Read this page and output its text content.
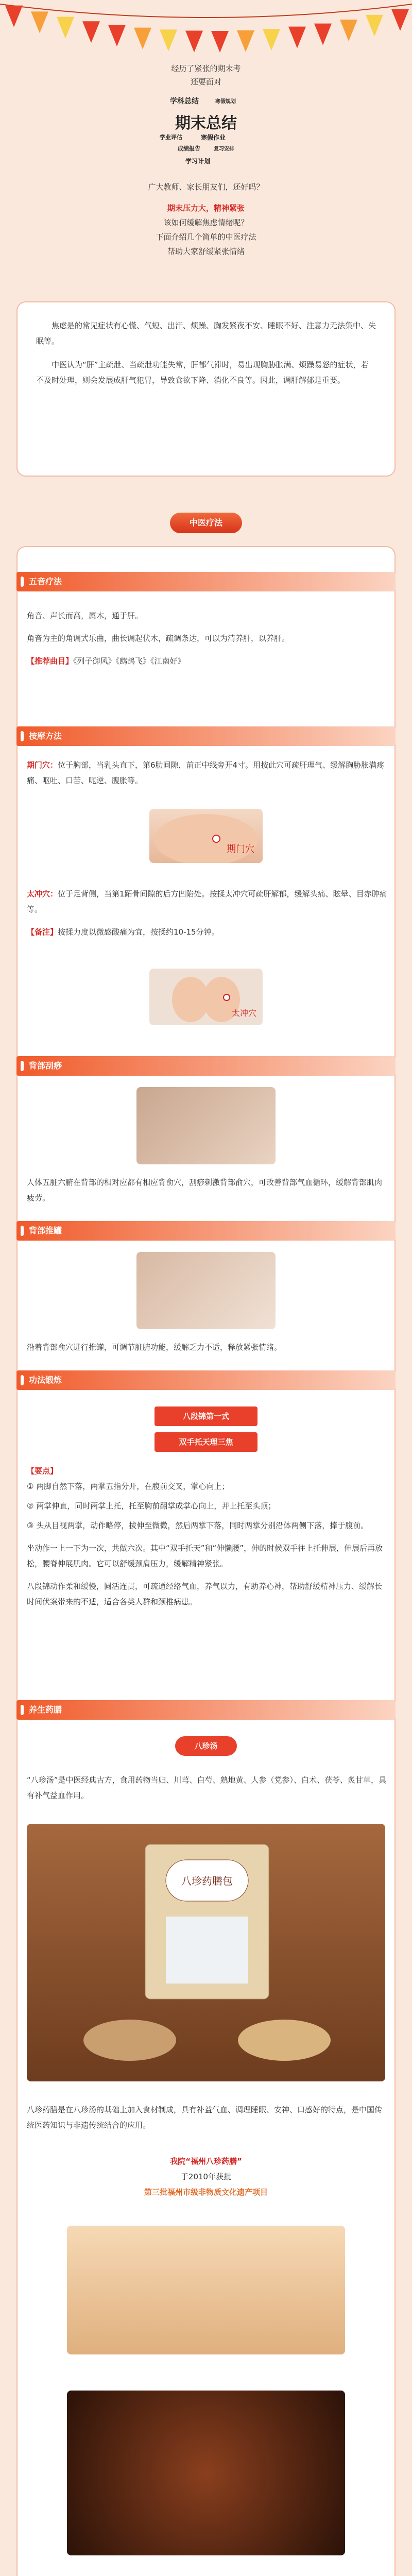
经历了紧张的期末考
还要面对
学科总结	寒假规划
期末总结
学业评估	寒假作业
成绩报告	复习安排
学习计划
广大教师、家长朋友们，还好吗？
期末压力大，精神紧张
该如何缓解焦虑情绪呢？
下面介绍几个简单的中医疗法
帮助大家舒缓紧张情绪
焦虑是的常见症状有心慌、气短、出汗、烦躁、胸发紧夜不安、睡眠不好、注意力无法集中、失眠等。
中医认为“肝”主疏泄、当疏泄功能失常，肝郁气滞时，易出现胸胁胀满、烦躁易怒的症状，若不及时处理，则会发展成肝气犯胃，导致食欲下降、消化不良等。因此，调肝解郁是重要。
中医疗法
五音疗法
角音、声长而高，属木，通于肝。
角音为主的角调式乐曲，曲长调起伏木，疏调条达，可以为清养肝，以养肝。
【推荐曲目】《列子御风》《鹧鸪飞》《江南好》
按摩方法
期门穴：位于胸部，当乳头直下，第6肋间隙，前正中线旁开4寸。用按此穴可疏肝理气、缓解胸胁胀满疼痛、呕吐、口苦、呃逆、腹胀等。
期门穴
太冲穴：位于足背侧，当第1跖骨间隙的后方凹陷处。按揉太冲穴可疏肝解郁，缓解头痛、眩晕、目赤肿痛等。
【备注】按揉力度以微感酸痛为宜，按揉约10-15分钟。
太冲穴
背部刮痧
人体五脏六腑在背部的相对应都有相应背俞穴，刮痧刺激背部俞穴，可改善背部气血循环，缓解背部肌肉疲劳。
背部推罐
沿着背部俞穴进行推罐，可调节脏腑功能，缓解乏力不适，释放紧张情绪。
功法锻炼
八段锦第一式
双手托天理三焦
【要点】
① 两脚自然下落，两掌五指分开，在腹前交叉，掌心向上；
② 两掌伸直，同时两掌上托，托至胸前翻掌成掌心向上，并上托至头顶；
③ 头从目视两掌，动作略停，拔伸至微微，然后两掌下落，同时两掌分别沿体两侧下落，捧于腹前。
坐动作一上一下为一次，共做六次。其中“双手托天”和“伸懒腰”，伸的时候双手往上托伸展，伸展后再放松，腰脊伸展肌肉。它可以舒缓颈肩压力，缓解精神紧张。
八段锦动作柔和缓慢，圆活连贯，可疏通经络气血，养气以力，有助养心神，帮助舒缓精神压力、缓解长时间伏案带来的不适，适合各类人群和颈椎病患。
养生药膳
八珍汤
“八珍汤”是中医经典古方，食用药物当归、川芎、白芍、熟地黄、人参（党参）、白术、茯苓、炙甘草，具有补气益血作用。
八珍药膳包
八珍药膳是在八珍汤的基础上加入食材制成，具有补益气血、调理睡眠、安神、口感好的特点，是中国传统医药知识与非遗传统结合的应用。
我院“福州八珍药膳”
于2010年获批
第三批福州市级非物质文化遗产项目
